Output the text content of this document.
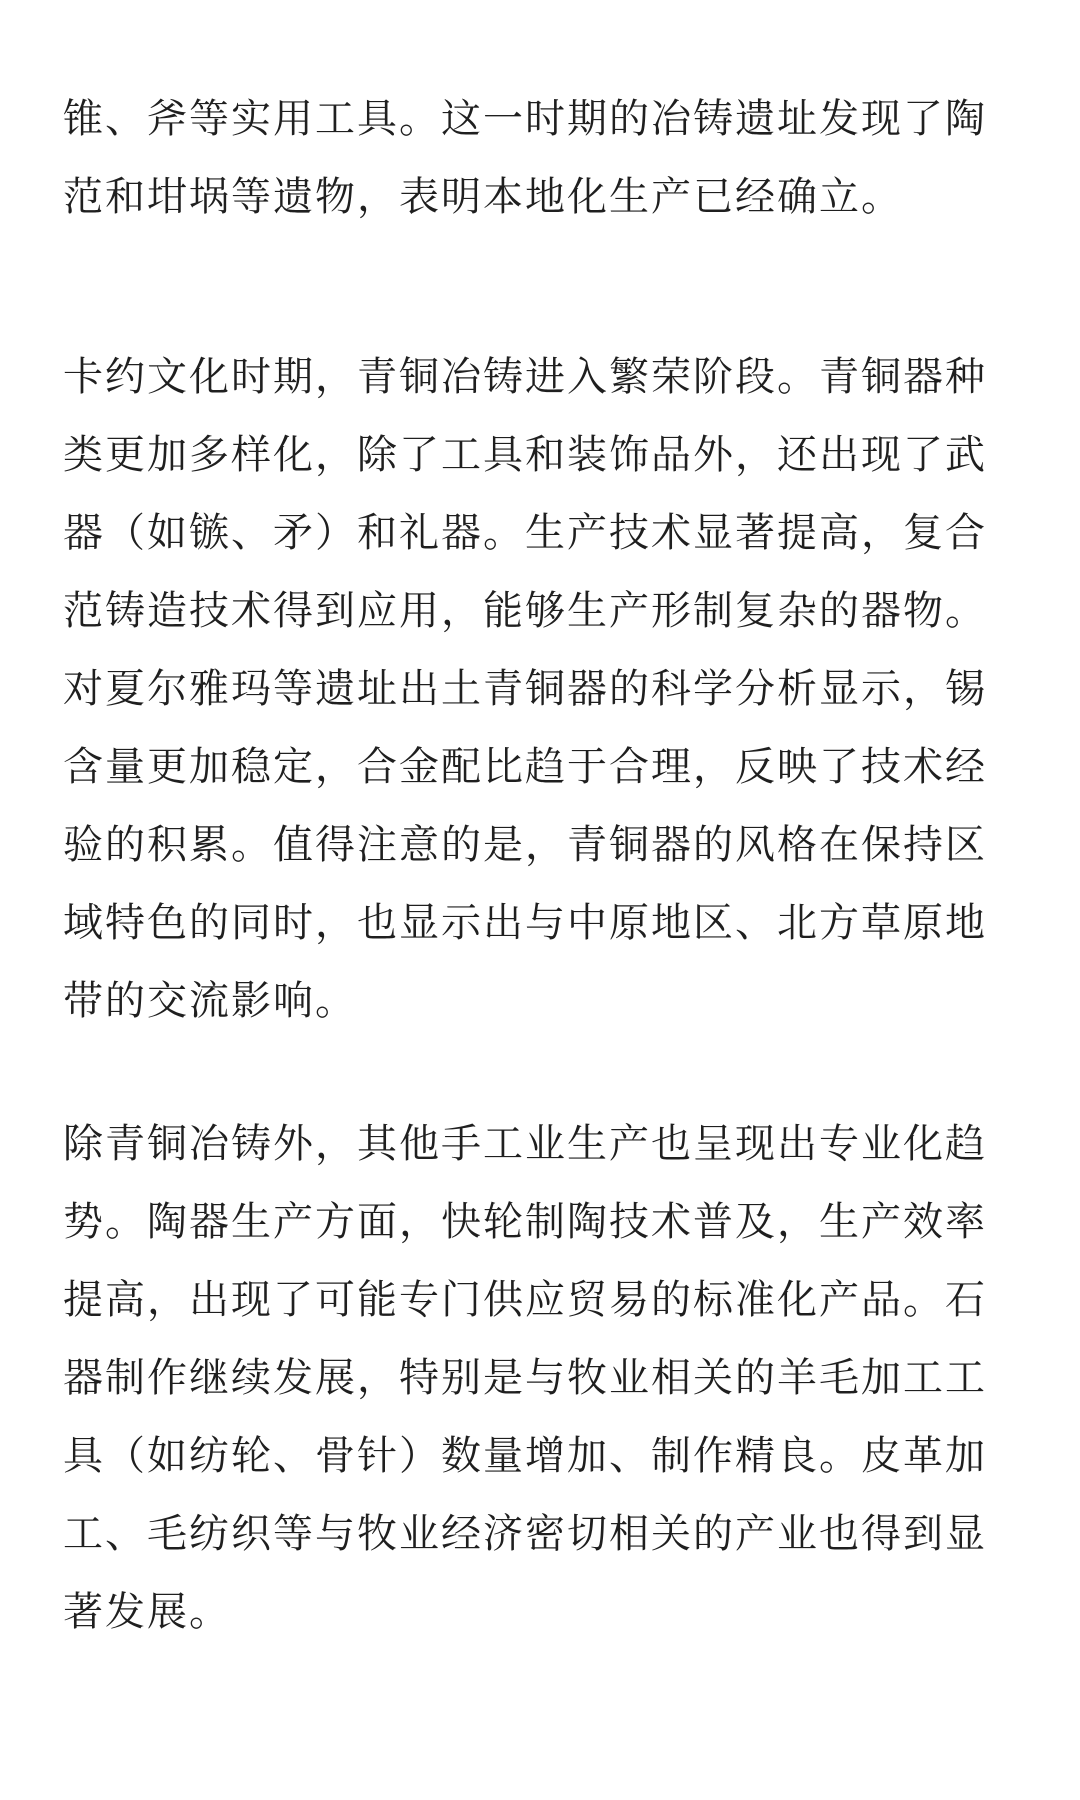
锥、斧等实用工具。这一时期的冶铸遗址发现了陶
范和坩埚等遗物，表明本地化生产已经确立。

卡约文化时期，青铜冶铸进入繁荣阶段。青铜器种
类更加多样化，除了工具和装饰品外，还出现了武
器（如镞、矛）和礼器。生产技术显著提高，复合
范铸造技术得到应用，能够生产形制复杂的器物。
对夏尔雅玛等遗址出土青铜器的科学分析显示，锡
含量更加稳定，合金配比趋于合理，反映了技术经
验的积累。值得注意的是，青铜器的风格在保持区
域特色的同时，也显示出与中原地区、北方草原地
带的交流影响。

除青铜冶铸外，其他手工业生产也呈现出专业化趋
势。陶器生产方面，快轮制陶技术普及，生产效率
提高，出现了可能专门供应贸易的标准化产品。石
器制作继续发展，特别是与牧业相关的羊毛加工工
具（如纺轮、骨针）数量增加、制作精良。皮革加
工、毛纺织等与牧业经济密切相关的产业也得到显
著发展。
